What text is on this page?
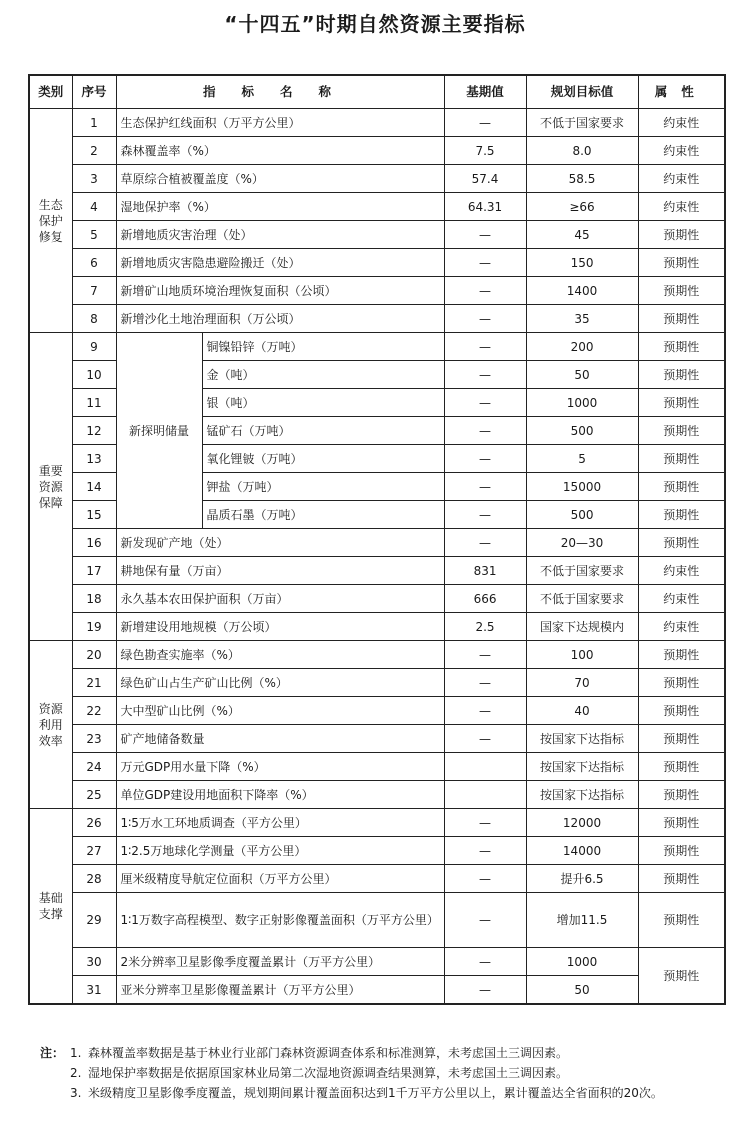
“十四五”时期自然资源主要指标
类别	序号	指标名称		基期值	规划目标值	属性
生态
保护
修复	1	生态保护红线面积（万平方公里）		—	不低于国家要求	约束性
	2	森林覆盖率（%）		7.5	8.0	约束性
	3	草原综合植被覆盖度（%）		57.4	58.5	约束性
	4	湿地保护率（%）		64.31	≥66	约束性
	5	新增地质灾害治理（处）		—	45	预期性
	6	新增地质灾害隐患避险搬迁（处）		—	150	预期性
	7	新增矿山地质环境治理恢复面积（公顷）		—	1400	预期性
	8	新增沙化土地治理面积（万公顷）		—	35	预期性
重要
资源
保障	9	新探明储量	铜镍铅锌（万吨）	—	200	预期性
	10		金（吨）	—	50	预期性
	11		银（吨）	—	1000	预期性
	12		锰矿石（万吨）	—	500	预期性
	13		氧化锂铍（万吨）	—	5	预期性
	14		钾盐（万吨）	—	15000	预期性
	15		晶质石墨（万吨）	—	500	预期性
	16	新发现矿产地（处）		—	20—30	预期性
	17	耕地保有量（万亩）		831	不低于国家要求	约束性
	18	永久基本农田保护面积（万亩）		666	不低于国家要求	约束性
	19	新增建设用地规模（万公顷）		2.5	国家下达规模内	约束性
资源
利用
效率	20	绿色勘查实施率（%）		—	100	预期性
	21	绿色矿山占生产矿山比例（%）		—	70	预期性
	22	大中型矿山比例（%）		—	40	预期性
	23	矿产地储备数量		—	按国家下达指标	预期性
	24	万元GDP用水量下降（%）			按国家下达指标	预期性
	25	单位GDP建设用地面积下降率（%）			按国家下达指标	预期性
基础
支撑	26	1∶5万水工环地质调查（平方公里）		—	12000	预期性
	27	1∶2.5万地球化学测量（平方公里）		—	14000	预期性
	28	厘米级精度导航定位面积（万平方公里）		—	提升6.5	预期性
	29	1∶1万数字高程模型、数字正射影像覆盖面积（万平方公里）		—	增加11.5	预期性
	30	2米分辨率卫星影像季度覆盖累计（万平方公里）		—	1000	预期性
	31	亚米分辨率卫星影像覆盖累计（万平方公里）		—	50	
注： 1. 森林覆盖率数据是基于林业行业部门森林资源调查体系和标准测算，未考虑国土三调因素。
2. 湿地保护率数据是依据原国家林业局第二次湿地资源调查结果测算，未考虑国土三调因素。
3. 米级精度卫星影像季度覆盖，规划期间累计覆盖面积达到1千万平方公里以上，累计覆盖达全省面积的20次。
